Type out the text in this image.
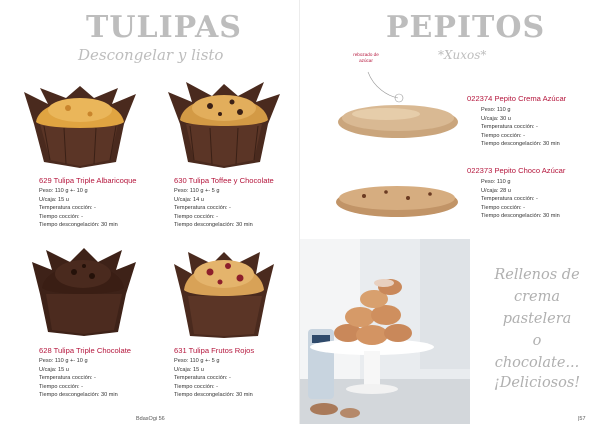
TULIPAS
Descongelar y listo
629 Tulipa Triple Albaricoque
Peso: 110 g +- 10 g
U/caja: 15 u
Temperatura cocción: -
Tiempo cocción: -
Tiempo descongelación: 30 min
630 Tulipa Toffee y Chocolate
Peso: 110 g +- 5 g
U/caja: 14 u
Temperatura cocción: -
Tiempo cocción: -
Tiempo descongelación: 30 min
628 Tulipa Triple Chocolate
Peso: 110 g +- 10 g
U/caja: 15 u
Temperatura cocción: -
Tiempo cocción: -
Tiempo descongelación: 30 min
631 Tulipa Frutos Rojos
Peso: 110 g +- 5 g
U/caja: 15 u
Temperatura cocción: -
Tiempo cocción: -
Tiempo descongelación: 30 min
BdasOgi 56
PEPITOS
*Xuxos*
rebozado de azúcar
022374 Pepito Crema Azúcar
Peso: 110 g
U/caja: 30 u
Temperatura cocción: -
Tiempo cocción: -
Tiempo descongelación: 30 min
022373 Pepito Choco Azúcar
Peso: 110 g
U/caja: 28 u
Temperatura cocción: -
Tiempo cocción: -
Tiempo descongelación: 30 min
Rellenos de
crema pastelera
o
chocolate...
¡Deliciosos!
|57
